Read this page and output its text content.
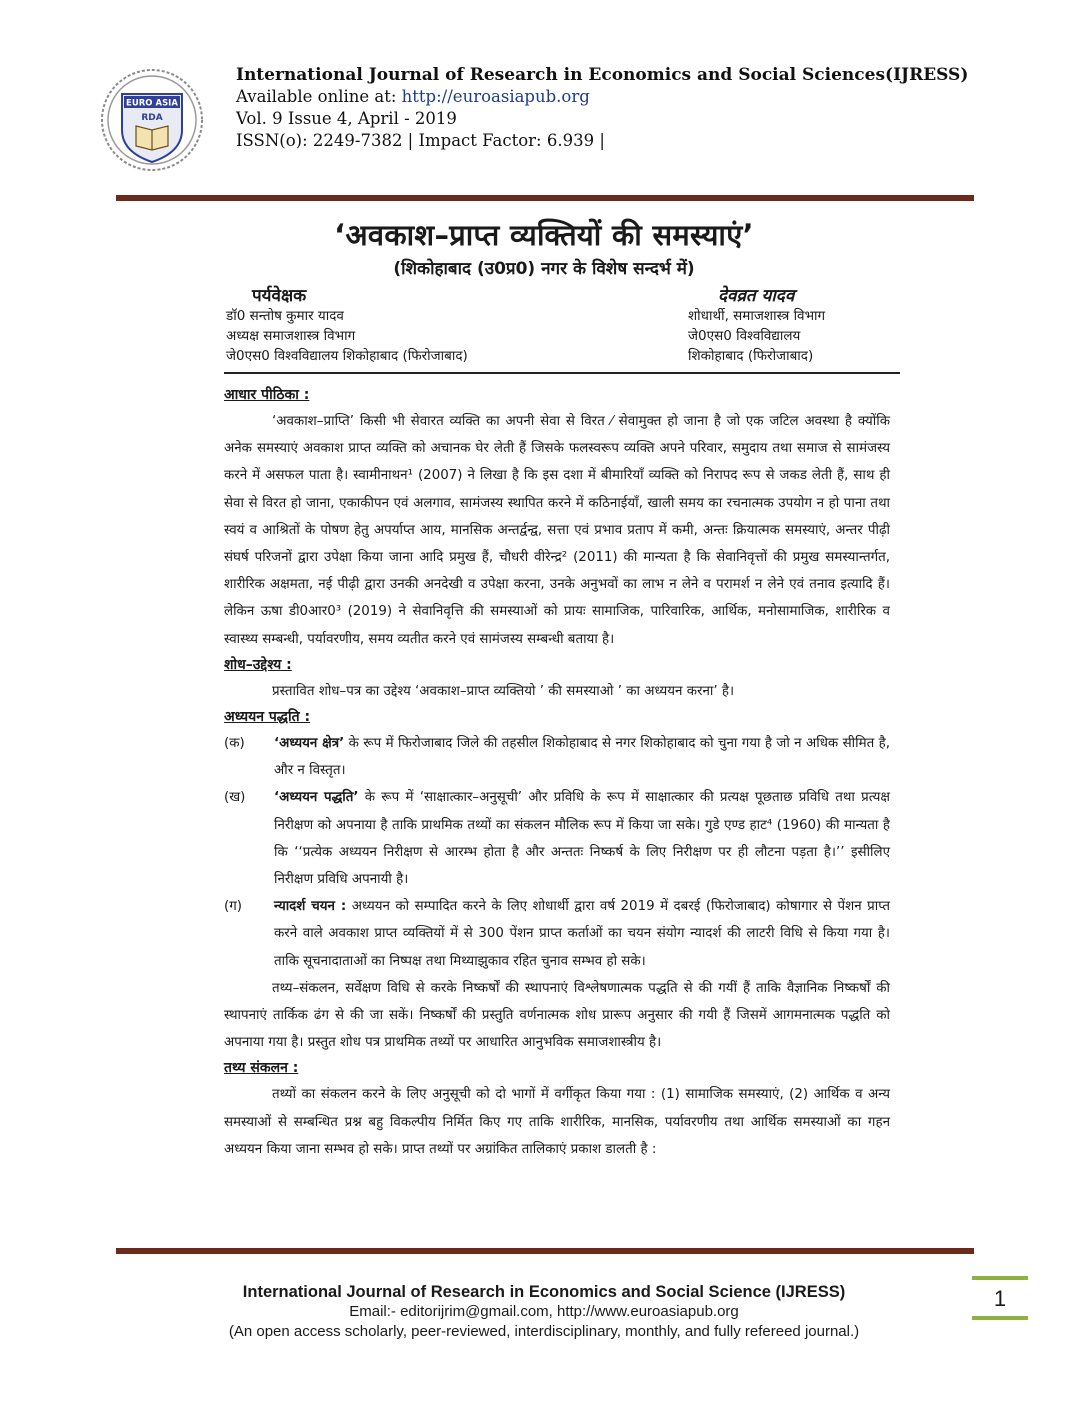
EURO ASIA
RDA
International Journal of Research in Economics and Social Sciences(IJRESS)
Available online at: http://euroasiapub.org
Vol. 9 Issue 4, April - 2019
ISSN(o): 2249-7382 | Impact Factor: 6.939 |
‘अवकाश–प्राप्त व्यक्तियों की समस्याएं’
(शिकोहाबाद (उ0प्र0) नगर के विशेष सन्दर्भ में)
पर्यवेक्षक	देवव्रत यादव
डॉ0 सन्तोष कुमार यादव
अध्यक्ष समाजशास्त्र विभाग
जे0एस0 विश्वविद्यालय शिकोहाबाद (फिरोजाबाद)
शोधार्थी, समाजशास्त्र विभाग
जे0एस0 विश्वविद्यालय
शिकोहाबाद (फिरोजाबाद)
आधार पीठिका :

‘अवकाश–प्राप्ति’ किसी भी सेवारत व्यक्ति का अपनी सेवा से विरत ⁄ सेवामुक्त हो जाना है जो एक जटिल अवस्था है क्योंकि अनेक समस्याएं अवकाश प्राप्त व्यक्ति को अचानक घेर लेती हैं जिसके फलस्वरूप व्यक्ति अपने परिवार, समुदाय तथा समाज से सामंजस्य करने में असफल पाता है। स्वामीनाथन¹ (2007) ने लिखा है कि इस दशा में बीमारियाँ व्यक्ति को निरापद रूप से जकड लेती हैं, साथ ही सेवा से विरत हो जाना, एकाकीपन एवं अलगाव, सामंजस्य स्थापित करने में कठिनाईयाँ, खाली समय का रचनात्मक उपयोग न हो पाना तथा स्वयं व आश्रितों के पोषण हेतु अपर्याप्त आय, मानसिक अन्तर्द्वन्द्व, सत्ता एवं प्रभाव प्रताप में कमी, अन्तः क्रियात्मक समस्याएं, अन्तर पीढ़ी संघर्ष परिजनों द्वारा उपेक्षा किया जाना आदि प्रमुख हैं, चौधरी वीरेन्द्र² (2011) की मान्यता है कि सेवानिवृत्तों की प्रमुख समस्यान्तर्गत, शारीरिक अक्षमता, नई पीढ़ी द्वारा उनकी अनदेखी व उपेक्षा करना, उनके अनुभवों का लाभ न लेने व परामर्श न लेने एवं तनाव इत्यादि हैं। लेकिन ऊषा डी0आर0³ (2019) ने सेवानिवृत्ति की समस्याओं को प्रायः सामाजिक, पारिवारिक, आर्थिक, मनोसामाजिक, शारीरिक व स्वास्थ्य सम्बन्धी, पर्यावरणीय, समय व्यतीत करने एवं सामंजस्य सम्बन्धी बताया है।

शोध–उद्देश्य :

प्रस्तावित शोध–पत्र का उद्देश्य ‘अवकाश–प्राप्त व्यक्तियो ’ की समस्याओ ’ का अध्ययन करना’ है।

अध्ययन पद्धति :
(क)	‘अध्ययन क्षेत्र’ के रूप में फिरोजाबाद जिले की तहसील शिकोहाबाद से नगर शिकोहाबाद को चुना गया है जो न अधिक सीमित है, और न विस्तृत।
(ख)	‘अध्ययन पद्धति’ के रूप में ‘साक्षात्कार–अनुसूची’ और प्रविधि के रूप में साक्षात्कार की प्रत्यक्ष पूछताछ प्रविधि तथा प्रत्यक्ष निरीक्षण को अपनाया है ताकि प्राथमिक तथ्यों का संकलन मौलिक रूप में किया जा सके। गुडे एण्ड हाट⁴ (1960) की मान्यता है कि ‘‘प्रत्येक अध्ययन निरीक्षण से आरम्भ होता है और अन्ततः निष्कर्ष के लिए निरीक्षण पर ही लौटना पड़ता है।’’ इसीलिए निरीक्षण प्रविधि अपनायी है।
(ग)	न्यादर्श चयन : अध्ययन को सम्पादित करने के लिए शोधार्थी द्वारा वर्ष 2019 में दबरई (फिरोजाबाद) कोषागार से पेंशन प्राप्त करने वाले अवकाश प्राप्त व्यक्तियों में से 300 पेंशन प्राप्त कर्ताओं का चयन संयोग न्यादर्श की लाटरी विधि से किया गया है। ताकि सूचनादाताओं का निष्पक्ष तथा मिथ्याझुकाव रहित चुनाव सम्भव हो सके।

तथ्य–संकलन, सर्वेक्षण विधि से करके निष्कर्षों की स्थापनाएं विश्लेषणात्मक पद्धति से की गयीं हैं ताकि वैज्ञानिक निष्कर्षों की स्थापनाएं तार्किक ढंग से की जा सकें। निष्कर्षों की प्रस्तुति वर्णनात्मक शोध प्रारूप अनुसार की गयी हैं जिसमें आगमनात्मक पद्धति को अपनाया गया है। प्रस्तुत शोध पत्र प्राथमिक तथ्यों पर आधारित आनुभविक समाजशास्त्रीय है।

तथ्य संकलन :

तथ्यों का संकलन करने के लिए अनुसूची को दो भागों में वर्गीकृत किया गया : (1) सामाजिक समस्याएं, (2) आर्थिक व अन्य समस्याओं से सम्बन्धित प्रश्न बहु विकल्पीय निर्मित किए गए ताकि शारीरिक, मानसिक, पर्यावरणीय तथा आर्थिक समस्याओं का गहन अध्ययन किया जाना सम्भव हो सके। प्राप्त तथ्यों पर अग्रांकित तालिकाएं प्रकाश डालती है :

International Journal of Research in Economics and Social Science (IJRESS)
Email:- editorijrim@gmail.com, http://www.euroasiapub.org
(An open access scholarly, peer-reviewed, interdisciplinary, monthly, and fully refereed journal.)
1
